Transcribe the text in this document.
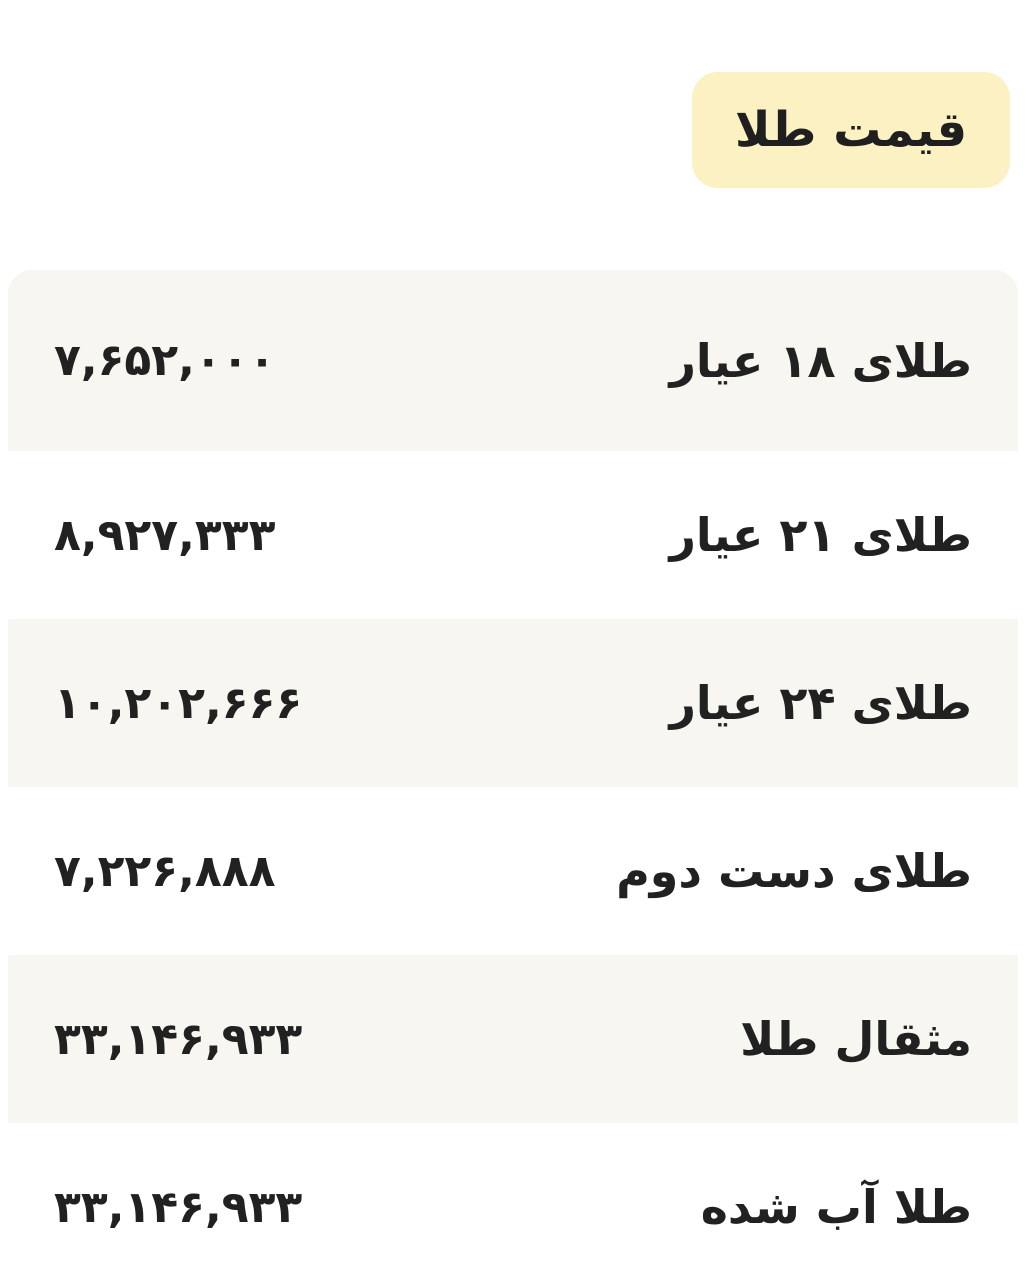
قیمت طلا
طلای ۱۸ عیار
۷,۶۵۲,۰۰۰
طلای ۲۱ عیار
۸,۹۲۷,۳۳۳
طلای ۲۴ عیار
۱۰,۲۰۲,۶۶۶
طلای دست دوم
۷,۲۲۶,۸۸۸
مثقال طلا
۳۳,۱۴۶,۹۳۳
طلا آب شده
۳۳,۱۴۶,۹۳۳
